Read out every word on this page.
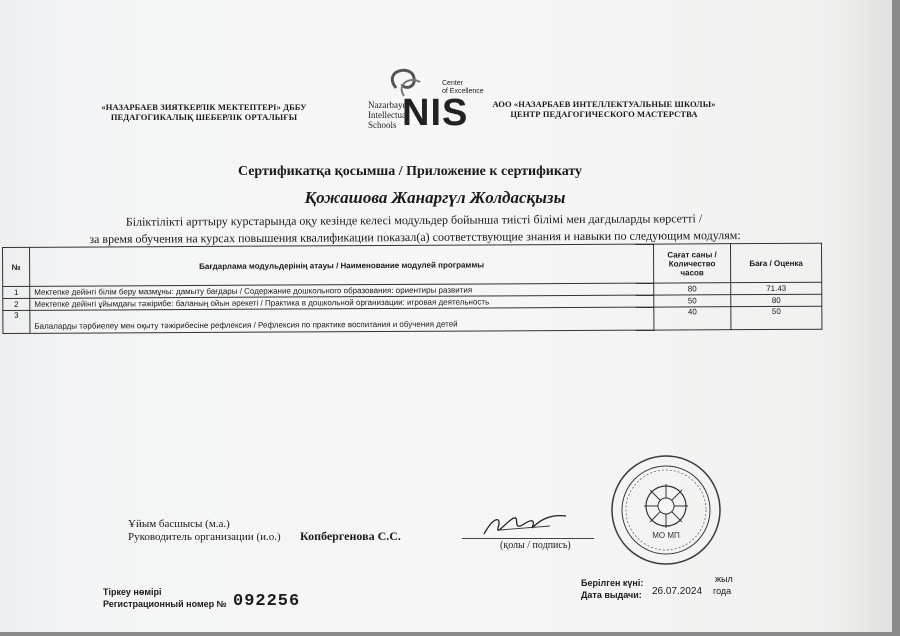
«НАЗАРБАЕВ ЗИЯТКЕРЛІК МЕКТЕПТЕРІ» ДББУ ПЕДАГОГИКАЛЫҚ ШЕБЕРЛІК ОРТАЛЫҒЫ
Nazarbayev
Intellectual
Schools NIS
Center
of Excellence
АОО «НАЗАРБАЕВ ИНТЕЛЛЕКТУАЛЬНЫЕ ШКОЛЫ» ЦЕНТР ПЕДАГОГИЧЕСКОГО МАСТЕРСТВА
Сертификатқа қосымша / Приложение к сертификату
Қожашова Жанаргүл Жолдасқызы
Біліктілікті арттыру курстарында оқу кезінде келесі модульдер бойынша тиісті білімі мен дағдыларды көрсетті /
за время обучения на курсах повышения квалификации показал(а) соответствующие знания и навыки по следующим модулям:
№	Бағдарлама модульдерінің атауы / Наименование модулей программы	Сағат саны / Количество часов	Баға / Оценка
1	Мектепке дейінгі білім беру мазмұны: дамыту бағдары / Содержание дошкольного образования: ориентиры развития	80	71.43
2	Мектепке дейінгі ұйымдағы тәжірибе: баланың ойын әрекеті / Практика в дошкольной организации: игровая деятельность	50	80
3	Балаларды тәрбиелеу мен оқыту тәжірибесіне рефлексия / Рефлексия по практике воспитания и обучения детей	40	50
МО МП
Ұйым басшысы (м.а.)
Руководитель организации (и.о.) Копбергенова С.С.
(қолы / подпись)
Тіркеу нөмірі
Регистрационный номер № 092256
Берілген күні:
Дата выдачи: 26.07.2024
жыл
года
